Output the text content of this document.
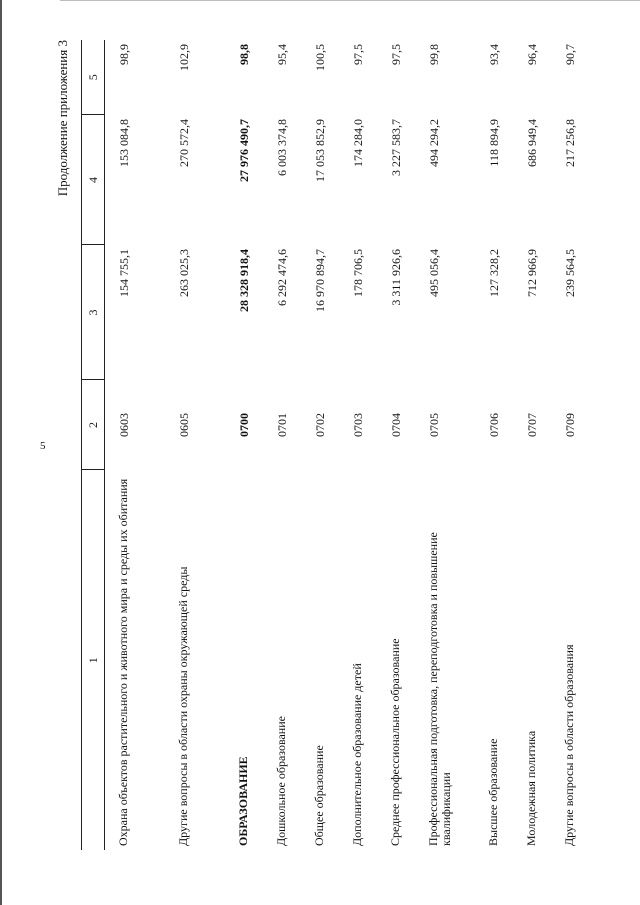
5
Продолжение приложения 3
1	2	3	4	5
Охрана объектов растительного и животного мира и среды их обитания	0603	154 755,1	153 084,8	98,9
Другие вопросы в области охраны окружающей среды	0605	263 025,3	270 572,4	102,9
ОБРАЗОВАНИЕ	0700	28 328 918,4	27 976 490,7	98,8
Дошкольное образование	0701	6 292 474,6	6 003 374,8	95,4
Общее образование	0702	16 970 894,7	17 053 852,9	100,5
Дополнительное образование детей	0703	178 706,5	174 284,0	97,5
Среднее профессиональное образование	0704	3 311 926,6	3 227 583,7	97,5
Профессиональная подготовка, переподготовка и повышение квалификации	0705	495 056,4	494 294,2	99,8
Высшее образование	0706	127 328,2	118 894,9	93,4
Молодежная политика	0707	712 966,9	686 949,4	96,4
Другие вопросы в области образования	0709	239 564,5	217 256,8	90,7
